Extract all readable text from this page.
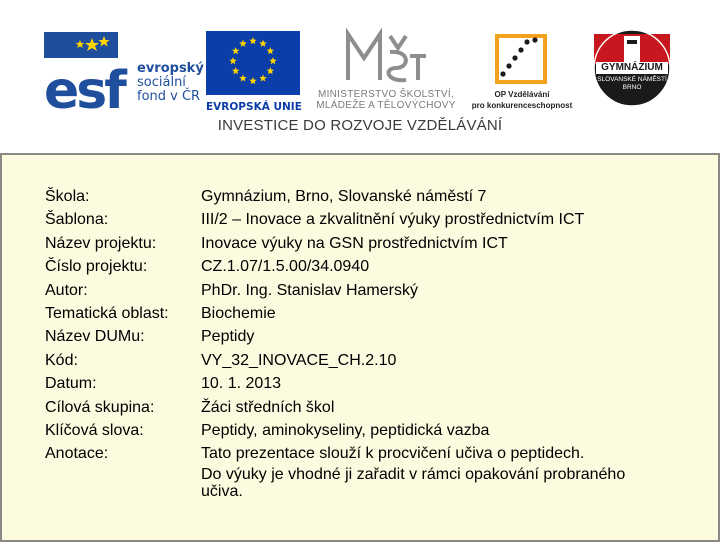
esf	evropský
sociální
fond v ČR
EVROPSKÁ UNIE
MINISTERSTVO ŠKOLSTVÍ,
MLÁDEŽE A TĚLOVÝCHOVY
OP Vzdělávání
pro konkurenceschopnost
GYMNÁZIUM
SLOVANSKÉ NÁMĚSTÍ
BRNO
INVESTICE DO ROZVOJE VZDĚLÁVÁNÍ
Škola:	Gymnázium, Brno, Slovanské náměstí 7
Šablona:	III/2 – Inovace a zkvalitnění výuky prostřednictvím ICT
Název projektu:	Inovace výuky na GSN prostřednictvím ICT
Číslo projektu:	CZ.1.07/1.5.00/34.0940
Autor:	PhDr. Ing. Stanislav Hamerský
Tematická oblast:	Biochemie
Název DUMu:	Peptidy
Kód:	VY_32_INOVACE_CH.2.10
Datum:	10. 1. 2013
Cílová skupina:	Žáci středních škol
Klíčová slova:	Peptidy, aminokyseliny, peptidická vazba
Anotace:	Tato prezentace slouží k procvičení učiva o peptidech.
Do výuky je vhodné ji zařadit v rámci opakování probraného
učiva.
